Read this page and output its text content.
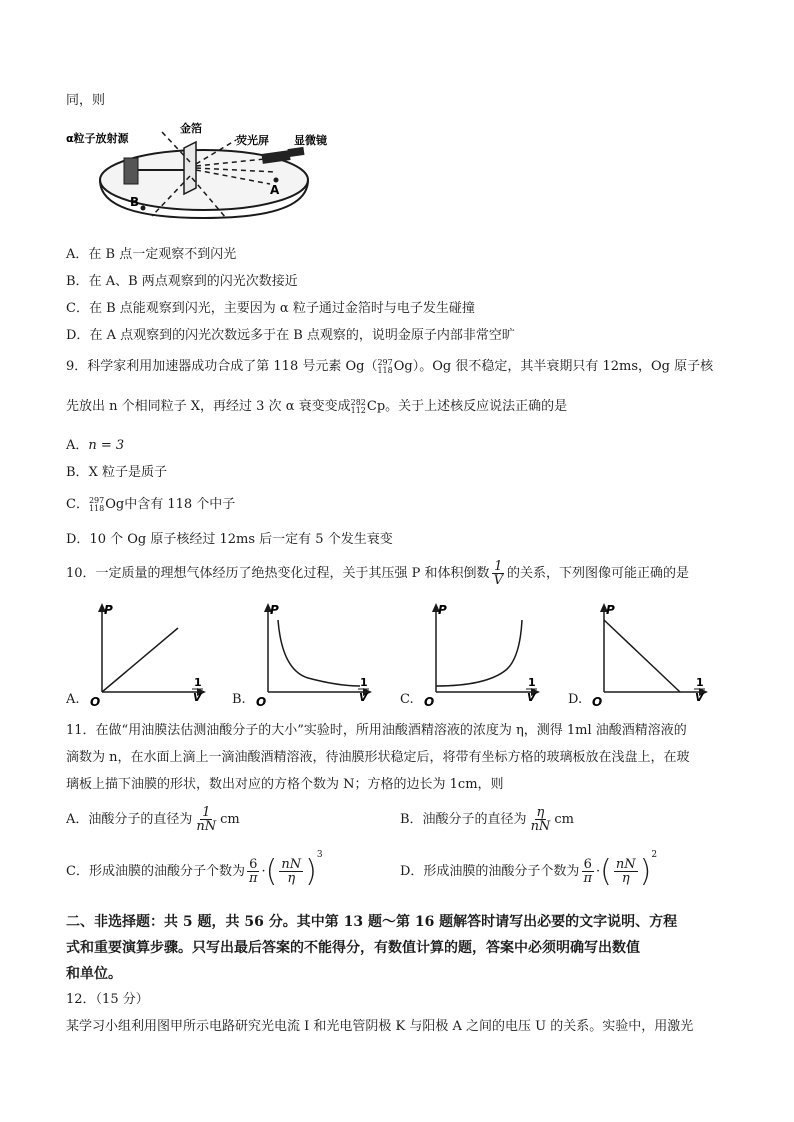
同，则
α粒子放射源
金箔
荧光屏 显微镜
A
B
A．在 B 点一定观察不到闪光
B．在 A、B 两点观察到的闪光次数接近
C．在 B 点能观察到闪光，主要因为 α 粒子通过金箔时与电子发生碰撞
D．在 A 点观察到的闪光次数远多于在 B 点观察的，说明金原子内部非常空旷
9．科学家利用加速器成功合成了第 118 号元素 Og（ 297
118 Og）。Og 很不稳定，其半衰期只有 12ms，Og 原子核
先放出 n 个相同粒子 X，再经过 3 次 α 衰变变成 282
112 Cp。关于上述核反应说法正确的是
A．n = 3
B．X 粒子是质子
C． 297
118 Og中含有 118 个中子
D．10 个 Og 原子核经过 12ms 后一定有 5 个发生衰变
10．一定质量的理想气体经历了绝热变化过程，关于其压强 P 和体积倒数 $\frac{1}{V}$ 的关系，下列图像可能正确的是
A.
P
O
1
V B.
P
O
1
V C.
P
O
1
V D.
P
O
1
V
11．在做“用油膜法估测油酸分子的大小”实验时，所用油酸酒精溶液的浓度为 η，测得 1ml 油酸酒精溶液的
滴数为 n，在水面上滴上一滴油酸酒精溶液，待油膜形状稳定后，将带有坐标方格的玻璃板放在浅盘上，在玻
璃板上描下油膜的形状，数出对应的方格个数为 N；方格的边长为 1cm，则
A．油酸分子的直径为 $\frac{1}{nN}$ cm	B．油酸分子的直径为 $\frac{\eta}{nN}$ cm
C．形成油膜的油酸分子个数为 $\frac{6}{\pi}$ ·( $\frac{nN}{\eta} )^3$
D．形成油膜的油酸分子个数为 $\frac{6}{\pi}$ ·( $\frac{nN}{\eta} )^2$
二、非选择题：共 5 题，共 56 分。其中第 13 题～第 16 题解答时请写出必要的文字说明、方程
式和重要演算步骤。只写出最后答案的不能得分，有数值计算的题，答案中必须明确写出数值
和单位。
12．（15 分）
某学习小组利用图甲所示电路研究光电流 I 和光电管阴极 K 与阳极 A 之间的电压 U 的关系。实验中，用激光
